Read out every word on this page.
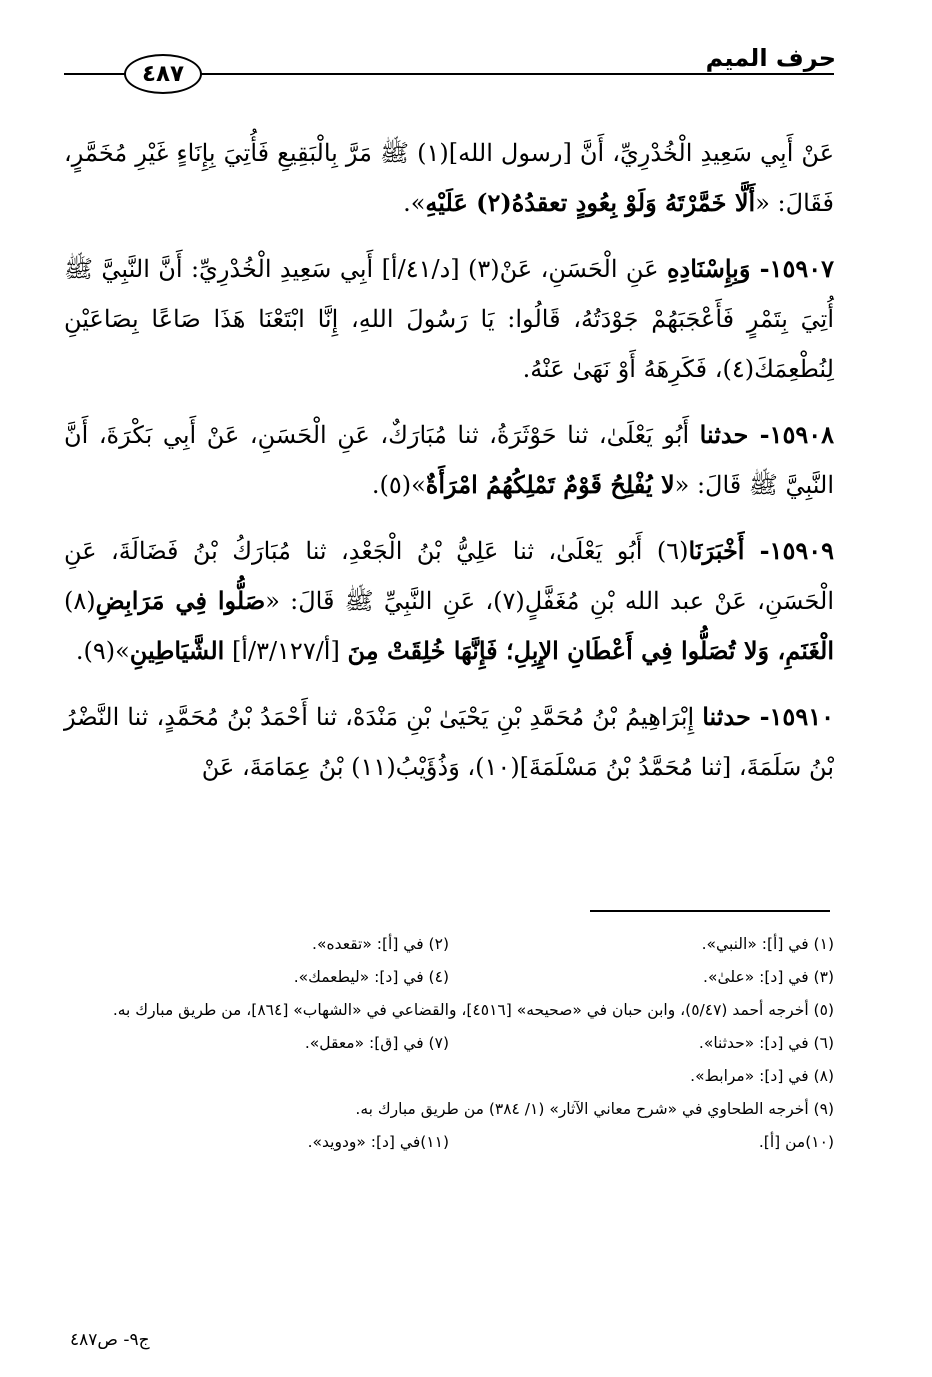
حرف الميم
٤٨٧

عَنْ أَبِي سَعِيدِ الْخُدْرِيِّ، أَنَّ [رسول الله](١) ﷺ مَرَّ بِالْبَقِيعِ فَأُتِيَ بِإِنَاءٍ غَيْرِ مُخَمَّرٍ، فَقَالَ: «أَلَّا خَمَّرْتَهُ وَلَوْ بِعُودٍ تعقدُهُ(٢) عَلَيْهِ».

١٥٩٠٧- وَبِإِسْنَادِهِ عَنِ الْحَسَنِ، عَنْ(٣) [د/٤١/أ] أَبِي سَعِيدِ الْخُدْرِيِّ: أَنَّ النَّبِيَّ ﷺ أُتِيَ بِتَمْرٍ فَأَعْجَبَهُمْ جَوْدَتُهُ، قَالُوا: يَا رَسُولَ اللهِ، إِنَّا ابْتَعْنَا هَذَا صَاعًا بِصَاعَيْنِ لِنُطْعِمَكَ(٤)، فَكَرِهَهُ أَوْ نَهَىٰ عَنْهُ.

١٥٩٠٨- حدثنا أَبُو يَعْلَىٰ، ثنا حَوْثَرَةُ، ثنا مُبَارَكٌ، عَنِ الْحَسَنِ، عَنْ أَبِي بَكْرَةَ، أَنَّ النَّبِيَّ ﷺ قَالَ: «لا يُفْلِحُ قَوْمٌ تَمْلِكُهُمُ امْرَأَةٌ»(٥).

١٥٩٠٩- أَخْبَرَنَا(٦) أَبُو يَعْلَىٰ، ثنا عَلِيُّ بْنُ الْجَعْدِ، ثنا مُبَارَكُ بْنُ فَضَالَةَ، عَنِ الْحَسَنِ، عَنْ عبد الله بْنِ مُغَفَّلٍ(٧)، عَنِ النَّبِيِّ ﷺ قَالَ: «صَلُّوا فِي مَرَابِضِ(٨) الْغَنَمِ، وَلا تُصَلُّوا فِي أَعْطَانِ الإِبِلِ؛ فَإِنَّهَا خُلِقَتْ مِنَ [أ/٣/١٢٧/أ] الشَّيَاطِينِ»(٩).

١٥٩١٠- حدثنا إِبْرَاهِيمُ بْنُ مُحَمَّدِ بْنِ يَحْيَىٰ بْنِ مَنْدَهْ، ثنا أَحْمَدُ بْنُ مُحَمَّدٍ، ثنا النَّضْرُ بْنُ سَلَمَةَ، [ثنا مُحَمَّدُ بْنُ مَسْلَمَةَ](١٠)، وَذُؤَيْبُ(١١) بْنُ عِمَامَةَ، عَنْ

(١) في [أ]: «النبي».
(٢) في [أ]: «تقعده».
(٣) في [د]: «علىٰ».
(٤) في [د]: «ليطعمك».
(٥) أخرجه أحمد (٥/٤٧)، وابن حبان في «صحيحه» [٤٥١٦]، والقضاعي في «الشهاب» [٨٦٤]، من طريق مبارك به.
(٦) في [د]: «حدثنا».
(٧) في [ق]: «معقل».
(٨) في [د]: «مرابط».
(٩) أخرجه الطحاوي في «شرح معاني الآثار» (١/ ٣٨٤) من طريق مبارك به.
(١٠)من [أ].
(١١)في [د]: «ودويد».
ج٩- ص٤٨٧
